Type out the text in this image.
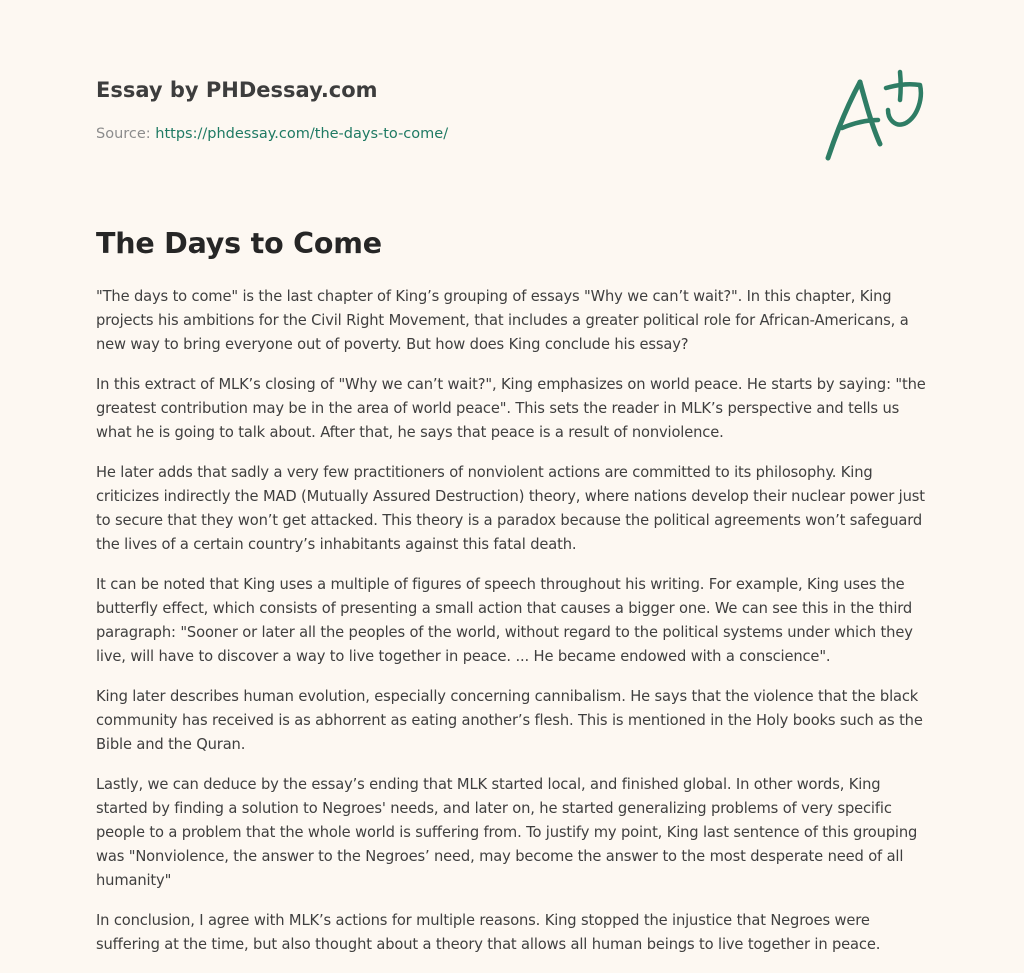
Essay by PHDessay.com
Source: https://phdessay.com/the-days-to-come/
The Days to Come

"The days to come" is the last chapter of King’s grouping of essays "Why we can’t wait?". In this chapter, King projects his ambitions for the Civil Right Movement, that includes a greater political role for African-Americans, a new way to bring everyone out of poverty. But how does King conclude his essay?

In this extract of MLK’s closing of "Why we can’t wait?", King emphasizes on world peace. He starts by saying: "the greatest contribution may be in the area of world peace". This sets the reader in MLK’s perspective and tells us what he is going to talk about. After that, he says that peace is a result of nonviolence.

He later adds that sadly a very few practitioners of nonviolent actions are committed to its philosophy. King criticizes indirectly the MAD (Mutually Assured Destruction) theory, where nations develop their nuclear power just to secure that they won’t get attacked. This theory is a paradox because the political agreements won’t safeguard the lives of a certain country’s inhabitants against this fatal death.

It can be noted that King uses a multiple of figures of speech throughout his writing. For example, King uses the butterfly effect, which consists of presenting a small action that causes a bigger one. We can see this in the third paragraph: "Sooner or later all the peoples of the world, without regard to the political systems under which they live, will have to discover a way to live together in peace. ... He became endowed with a conscience".

King later describes human evolution, especially concerning cannibalism. He says that the violence that the black community has received is as abhorrent as eating another’s flesh. This is mentioned in the Holy books such as the Bible and the Quran.

Lastly, we can deduce by the essay’s ending that MLK started local, and finished global. In other words, King started by finding a solution to Negroes' needs, and later on, he started generalizing problems of very specific people to a problem that the whole world is suffering from. To justify my point, King last sentence of this grouping was "Nonviolence, the answer to the Negroes’ need, may become the answer to the most desperate need of all humanity"

In conclusion, I agree with MLK’s actions for multiple reasons. King stopped the injustice that Negroes were suffering at the time, but also thought about a theory that allows all human beings to live together in peace.
